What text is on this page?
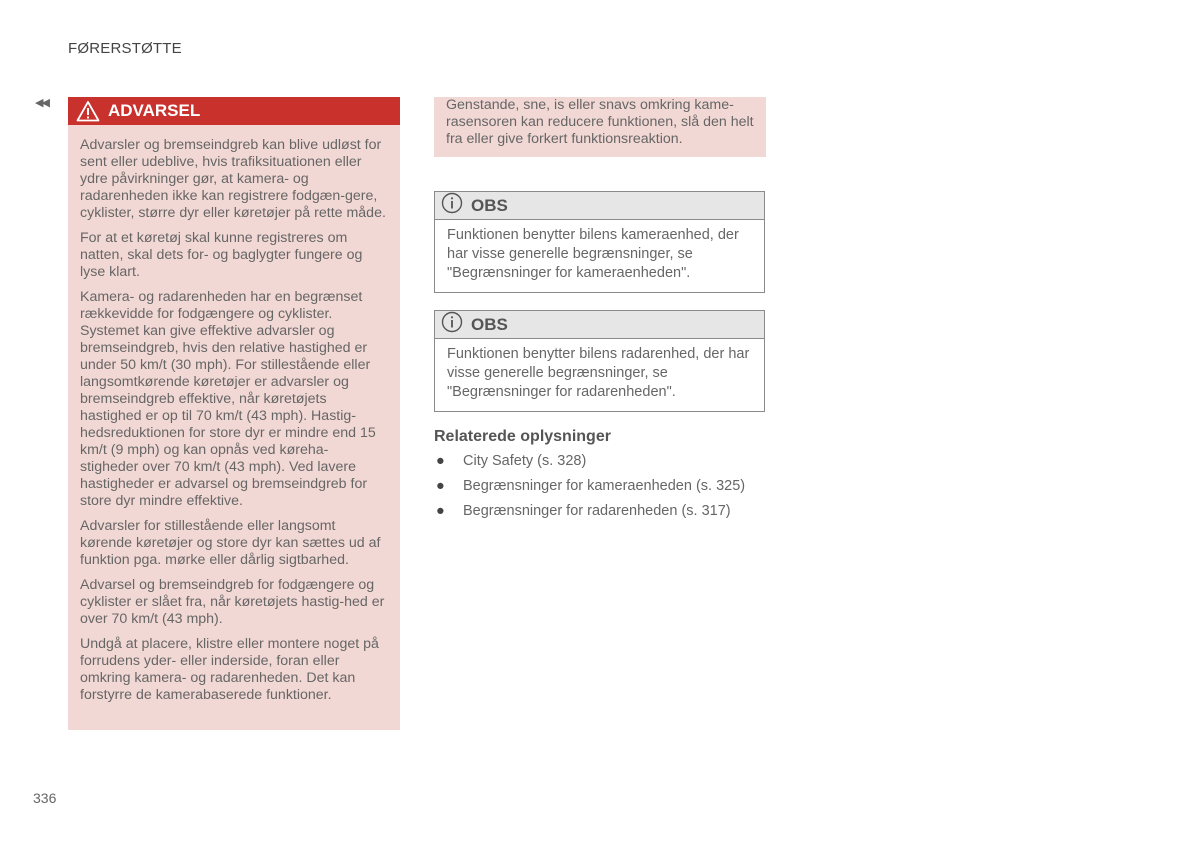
FØRERSTØTTE
◀◀	ADVARSEL

Advarsler og bremseindgreb kan blive udløst for sent eller udeblive, hvis trafiksituationen eller ydre påvirkninger gør, at kamera- og radarenheden ikke kan registrere fodgæn-gere, cyklister, større dyr eller køretøjer på rette måde.

For at et køretøj skal kunne registreres om natten, skal dets for- og baglygter fungere og lyse klart.

Kamera- og radarenheden har en begrænset rækkevidde for fodgængere og cyklister. Systemet kan give effektive advarsler og bremseindgreb, hvis den relative hastighed er under 50 km/t (30 mph). For stillestående eller langsomtkørende køretøjer er advarsler og bremseindgreb effektive, når køretøjets hastighed er op til 70 km/t (43 mph). Hastig-hedsreduktionen for store dyr er mindre end 15 km/t (9 mph) og kan opnås ved køreha-stigheder over 70 km/t (43 mph). Ved lavere hastigheder er advarsel og bremseindgreb for store dyr mindre effektive.

Advarsler for stillestående eller langsomt kørende køretøjer og store dyr kan sættes ud af funktion pga. mørke eller dårlig sigtbarhed.

Advarsel og bremseindgreb for fodgængere og cyklister er slået fra, når køretøjets hastig-hed er over 70 km/t (43 mph).

Undgå at placere, klistre eller montere noget på forrudens yder- eller inderside, foran eller omkring kamera- og radarenheden. Det kan forstyrre de kamerabaserede funktioner.

Genstande, sne, is eller snavs omkring kame-rasensoren kan reducere funktionen, slå den helt fra eller give forkert funktionsreaktion.
OBS
Funktionen benytter bilens kameraenhed, der har visse generelle begrænsninger, se "Begrænsninger for kameraenheden".
OBS
Funktionen benytter bilens radarenhed, der har visse generelle begrænsninger, se "Begrænsninger for radarenheden".
Relaterede oplysninger
● City Safety (s. 328)
● Begrænsninger for kameraenheden (s. 325)
● Begrænsninger for radarenheden (s. 317)
336
